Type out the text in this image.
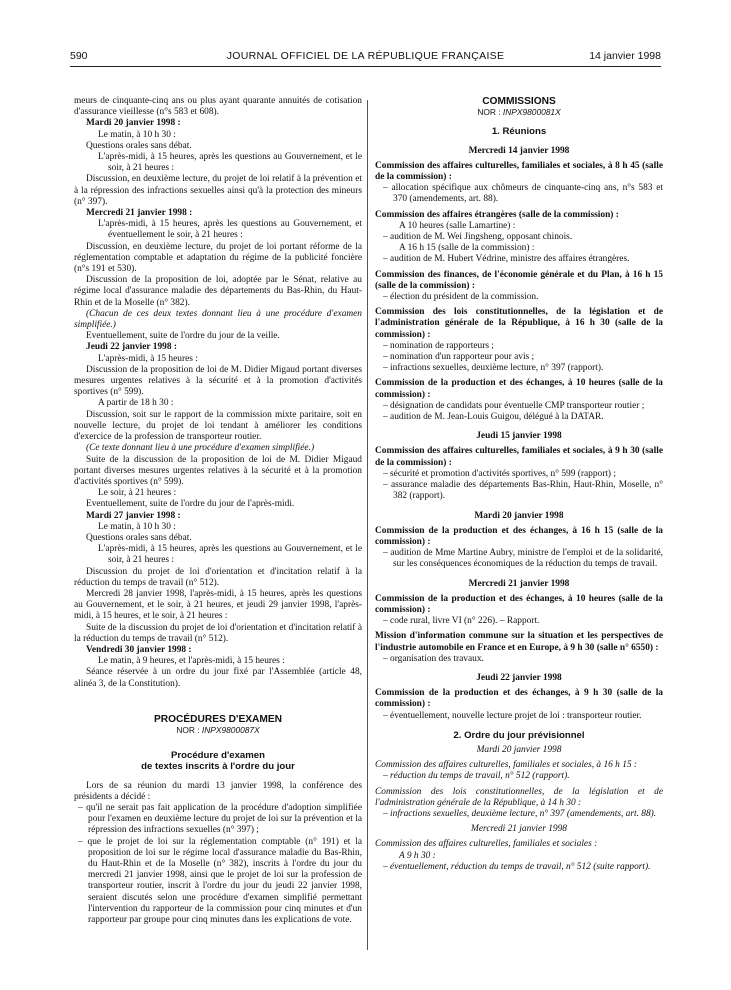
590	JOURNAL OFFICIEL DE LA RÉPUBLIQUE FRANÇAISE	14 janvier 1998

meurs de cinquante-cinq ans ou plus ayant quarante annuités de cotisation d'assurance vieillesse (n°s 583 et 608).

Mardi 20 janvier 1998 :

Le matin, à 10 h 30 :

Questions orales sans débat.

L'après-midi, à 15 heures, après les questions au Gouvernement, et le soir, à 21 heures :

Discussion, en deuxième lecture, du projet de loi relatif à la prévention et à la répression des infractions sexuelles ainsi qu'à la protection des mineurs (n° 397).

Mercredi 21 janvier 1998 :

L'après-midi, à 15 heures, après les questions au Gouvernement, et éventuellement le soir, à 21 heures :

Discussion, en deuxième lecture, du projet de loi portant réforme de la réglementation comptable et adaptation du régime de la publicité foncière (n°s 191 et 530).

Discussion de la proposition de loi, adoptée par le Sénat, relative au régime local d'assurance maladie des départements du Bas-Rhin, du Haut-Rhin et de la Moselle (n° 382).

(Chacun de ces deux textes donnant lieu à une procédure d'examen simplifiée.)

Eventuellement, suite de l'ordre du jour de la veille.

Jeudi 22 janvier 1998 :

L'après-midi, à 15 heures :

Discussion de la proposition de loi de M. Didier Migaud portant diverses mesures urgentes relatives à la sécurité et à la promotion d'activités sportives (n° 599).

A partir de 18 h 30 :

Discussion, soit sur le rapport de la commission mixte paritaire, soit en nouvelle lecture, du projet de loi tendant à améliorer les conditions d'exercice de la profession de transporteur routier.

(Ce texte donnant lieu à une procédure d'examen simplifiée.)

Suite de la discussion de la proposition de loi de M. Didier Migaud portant diverses mesures urgentes relatives à la sécurité et à la promotion d'activités sportives (n° 599).

Le soir, à 21 heures :

Eventuellement, suite de l'ordre du jour de l'après-midi.

Mardi 27 janvier 1998 :

Le matin, à 10 h 30 :

Questions orales sans débat.

L'après-midi, à 15 heures, après les questions au Gouvernement, et le soir, à 21 heures :

Discussion du projet de loi d'orientation et d'incitation relatif à la réduction du temps de travail (n° 512).

Mercredi 28 janvier 1998, l'après-midi, à 15 heures, après les questions au Gouvernement, et le soir, à 21 heures, et jeudi 29 janvier 1998, l'après-midi, à 15 heures, et le soir, à 21 heures :

Suite de la discussion du projet de loi d'orientation et d'incitation relatif à la réduction du temps de travail (n° 512).

Vendredi 30 janvier 1998 :

Le matin, à 9 heures, et l'après-midi, à 15 heures :

Séance réservée à un ordre du jour fixé par l'Assemblée (article 48, alinéa 3, de la Constitution).

PROCÉDURES D'EXAMEN

NOR : INPX9800087X

Procédure d'examen

de textes inscrits à l'ordre du jour

Lors de sa réunion du mardi 13 janvier 1998, la conférence des présidents a décidé :

– qu'il ne serait pas fait application de la procédure d'adoption simplifiée pour l'examen en deuxième lecture du projet de loi sur la prévention et la répression des infractions sexuelles (n° 397) ;

– que le projet de loi sur la réglementation comptable (n° 191) et la proposition de loi sur le régime local d'assurance maladie du Bas-Rhin, du Haut-Rhin et de la Moselle (n° 382), inscrits à l'ordre du jour du mercredi 21 janvier 1998, ainsi que le projet de loi sur la profession de transporteur routier, inscrit à l'ordre du jour du jeudi 22 janvier 1998, seraient discutés selon une procédure d'examen simplifié permettant l'intervention du rapporteur de la commission pour cinq minutes et d'un rapporteur par groupe pour cinq minutes dans les explications de vote.

COMMISSIONS

NOR : INPX9800081X

1. Réunions

Mercredi 14 janvier 1998

Commission des affaires culturelles, familiales et sociales, à 8 h 45 (salle de la commission) :

– allocation spécifique aux chômeurs de cinquante-cinq ans, n°s 583 et 370 (amendements, art. 88).

Commission des affaires étrangères (salle de la commission) :

A 10 heures (salle Lamartine) :

– audition de M. Wei Jingsheng, opposant chinois.

A 16 h 15 (salle de la commission) :

– audition de M. Hubert Védrine, ministre des affaires étrangères.

Commission des finances, de l'économie générale et du Plan, à 16 h 15 (salle de la commission) :

– élection du président de la commission.

Commission des lois constitutionnelles, de la législation et de l'administration générale de la République, à 16 h 30 (salle de la commission) :

– nomination de rapporteurs ;

– nomination d'un rapporteur pour avis ;

– infractions sexuelles, deuxième lecture, n° 397 (rapport).

Commission de la production et des échanges, à 10 heures (salle de la commission) :

– désignation de candidats pour éventuelle CMP transporteur routier ;

– audition de M. Jean-Louis Guigou, délégué à la DATAR.

Jeudi 15 janvier 1998

Commission des affaires culturelles, familiales et sociales, à 9 h 30 (salle de la commission) :

– sécurité et promotion d'activités sportives, n° 599 (rapport) ;

– assurance maladie des départements Bas-Rhin, Haut-Rhin, Moselle, n° 382 (rapport).

Mardi 20 janvier 1998

Commission de la production et des échanges, à 16 h 15 (salle de la commission) :

– audition de Mme Martine Aubry, ministre de l'emploi et de la solidarité, sur les conséquences économiques de la réduction du temps de travail.

Mercredi 21 janvier 1998

Commission de la production et des échanges, à 10 heures (salle de la commission) :

– code rural, livre VI (n° 226). – Rapport.

Mission d'information commune sur la situation et les perspectives de l'industrie automobile en France et en Europe, à 9 h 30 (salle n° 6550) :

– organisation des travaux.

Jeudi 22 janvier 1998

Commission de la production et des échanges, à 9 h 30 (salle de la commission) :

– éventuellement, nouvelle lecture projet de loi : transporteur routier.

2. Ordre du jour prévisionnel

Mardi 20 janvier 1998

Commission des affaires culturelles, familiales et sociales, à 16 h 15 :

– réduction du temps de travail, n° 512 (rapport).

Commission des lois constitutionnelles, de la législation et de l'administration générale de la République, à 14 h 30 :

– infractions sexuelles, deuxième lecture, n° 397 (amendements, art. 88).

Mercredi 21 janvier 1998

Commission des affaires culturelles, familiales et sociales :

A 9 h 30 :

– éventuellement, réduction du temps de travail, n° 512 (suite rapport).
